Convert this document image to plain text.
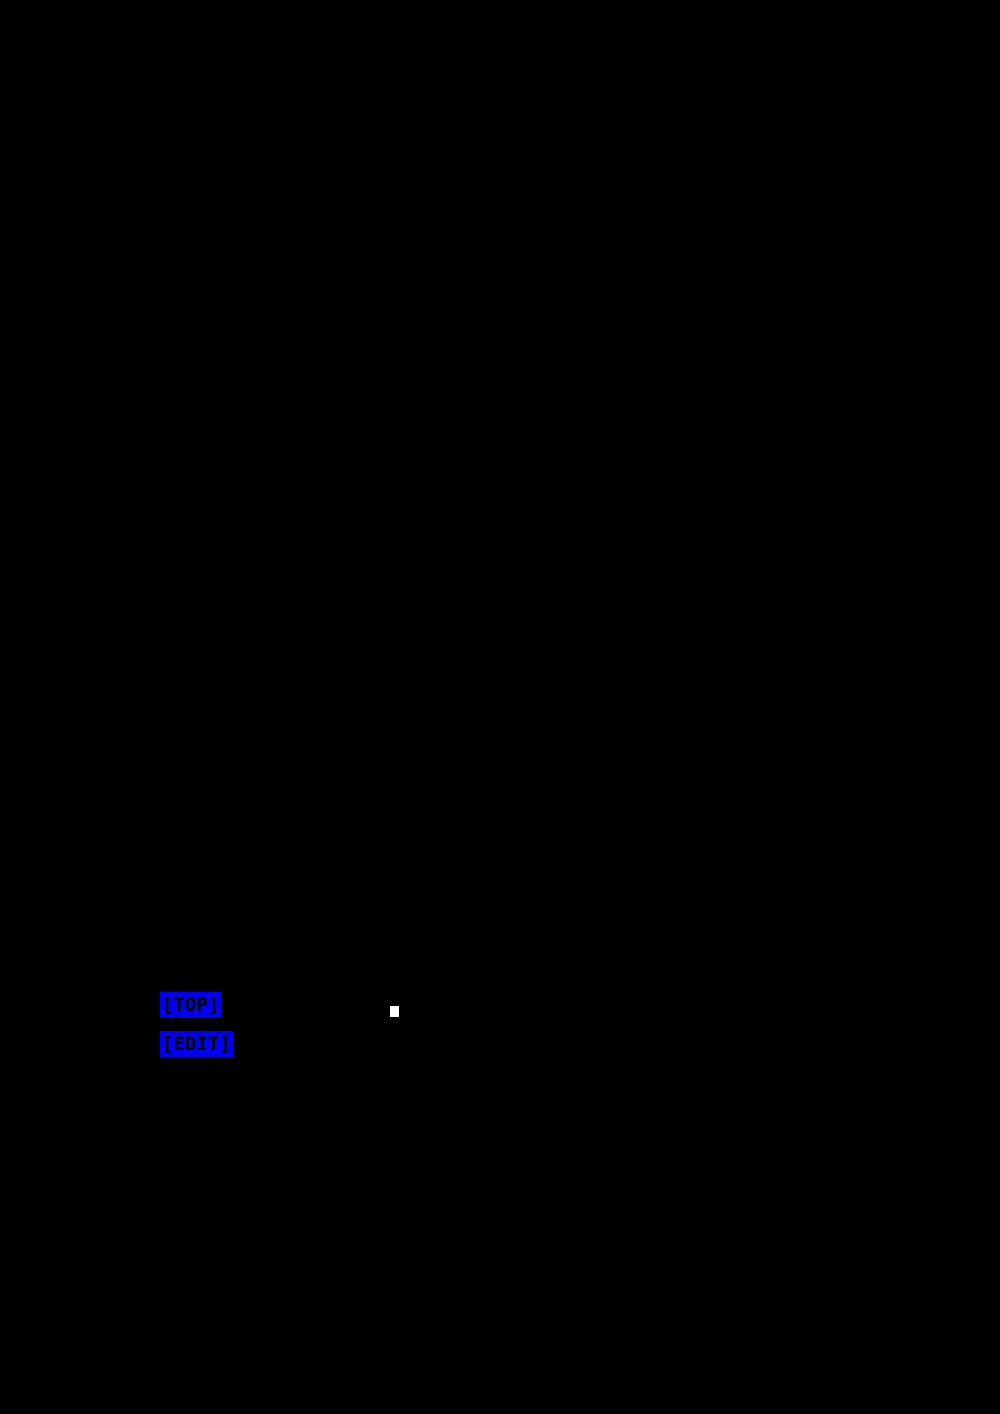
[TOP]
[EDIT]
